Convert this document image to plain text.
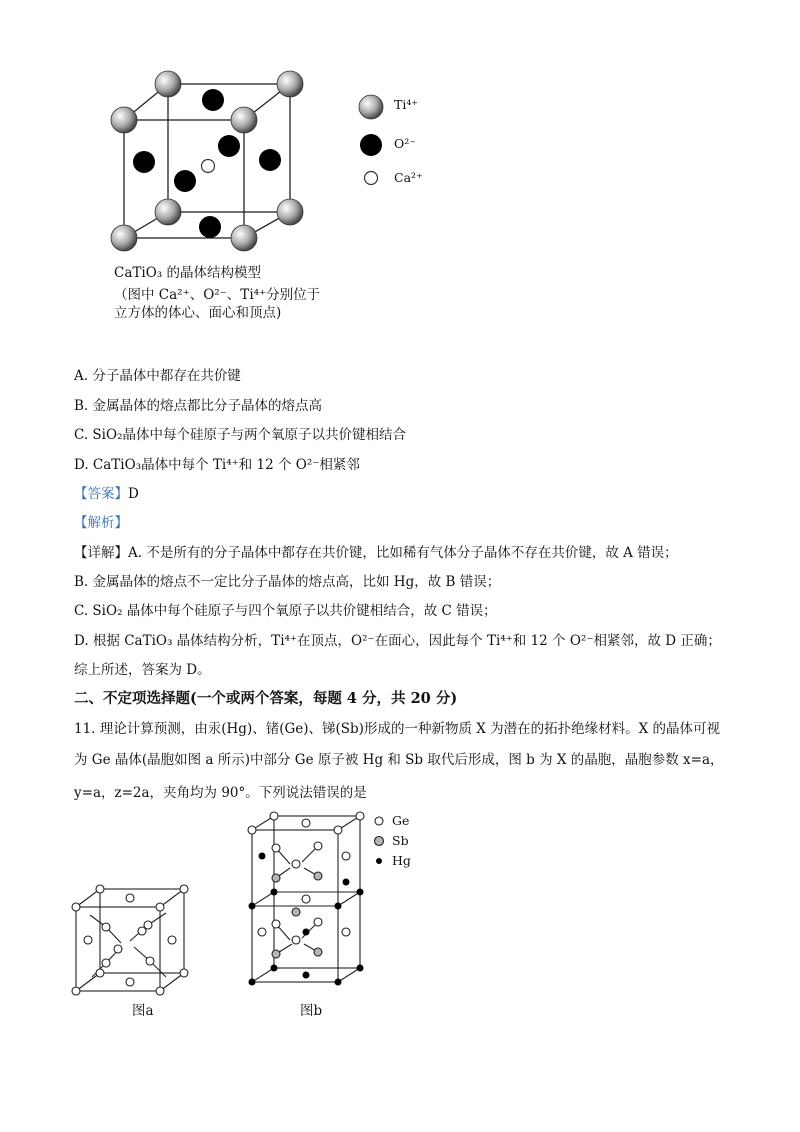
Ti⁴⁺
O²⁻
Ca²⁺
CaTiO₃ 的晶体结构模型
（图中 Ca²⁺、O²⁻、Ti⁴⁺分别位于
立方体的体心、面心和顶点)
A. 分子晶体中都存在共价键
B. 金属晶体的熔点都比分子晶体的熔点高
C. SiO₂晶体中每个硅原子与两个氧原子以共价键相结合
D. CaTiO₃晶体中每个 Ti⁴⁺和 12 个 O²⁻相紧邻
【答案】D
【解析】
【详解】A. 不是所有的分子晶体中都存在共价键，比如稀有气体分子晶体不存在共价键，故 A 错误；
B. 金属晶体的熔点不一定比分子晶体的熔点高，比如 Hg，故 B 错误；
C. SiO₂ 晶体中每个硅原子与四个氧原子以共价键相结合，故 C 错误；
D. 根据 CaTiO₃ 晶体结构分析，Ti⁴⁺在顶点，O²⁻在面心，因此每个 Ti⁴⁺和 12 个 O²⁻相紧邻，故 D 正确；
综上所述，答案为 D。
二、不定项选择题(一个或两个答案，每题 4 分，共 20 分)
11. 理论计算预测，由汞(Hg)、锗(Ge)、锑(Sb)形成的一种新物质 X 为潜在的拓扑绝缘材料。X 的晶体可视
为 Ge 晶体(晶胞如图 a 所示)中部分 Ge 原子被 Hg 和 Sb 取代后形成，图 b 为 X 的晶胞，晶胞参数 x=a，
y=a，z=2a，夹角均为 90°。下列说法错误的是
图a	图b
Ge
Sb
Hg
